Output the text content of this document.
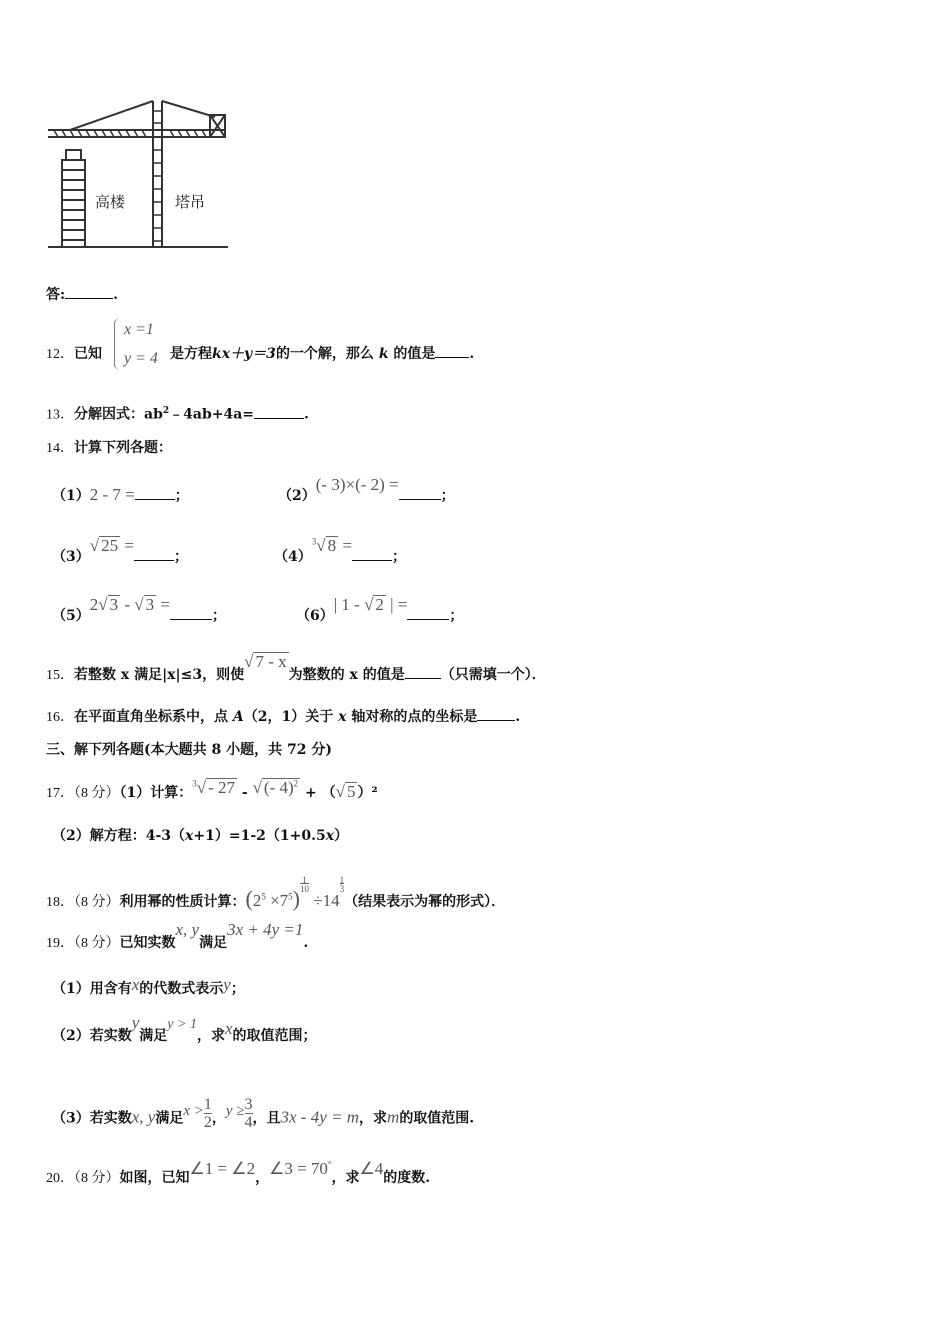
高楼	塔吊
答:	.
12．已知
x =1
y = 4 是方程kx＋y＝3的一个解，那么 k 的值是 .
13．分解因式：$ab^2﹣4ab+4a=$	.
14．计算下列各题：
（1）2 - 7 =	；	（2）(- 3)×(- 2) =；
（3）√ 25 =；	$(4)^3√$ 8 =；
（5）2√ 3 - √ 3 =；	（6）| 1 - √ 2 | =；
15．若整数 x 满足|x|≤3，则使√ 7 - x为整数的 x 的值是	（只需填一个）．
16．在平面直角坐标系中，点 A（2，1）关于 x 轴对称的点的坐标是	.
三、解下列各题(本大题共 8 小题，共 72 分)
17．（8 分）（1）计算：$^3$√ - 27 - √ (- 4)$^2$ + （√ 5 ）²
（2）解方程：4-3（x+1）=1-2（1+0.5x）
18．（8 分）利用幂的性质计算：$(2^5 \times 7^5)\frac{1}{10} \div 14\frac{1}{3}$（结果表示为幂的形式）．
19．（8 分）已知实数x, y满足3x + 4y =1.
（1）用含有x的代数式表示y；
（2）若实数y满足y > 1，求x的取值范围；
（3）若实数x, y满足$x >\frac{1}{2}$，$y \ge\frac{3}{4}$，且3x - 4y = m，求m的取值范围.
20．（8 分）如图，已知∠1 = ∠2，∠3 = 70°，求∠4的度数.
